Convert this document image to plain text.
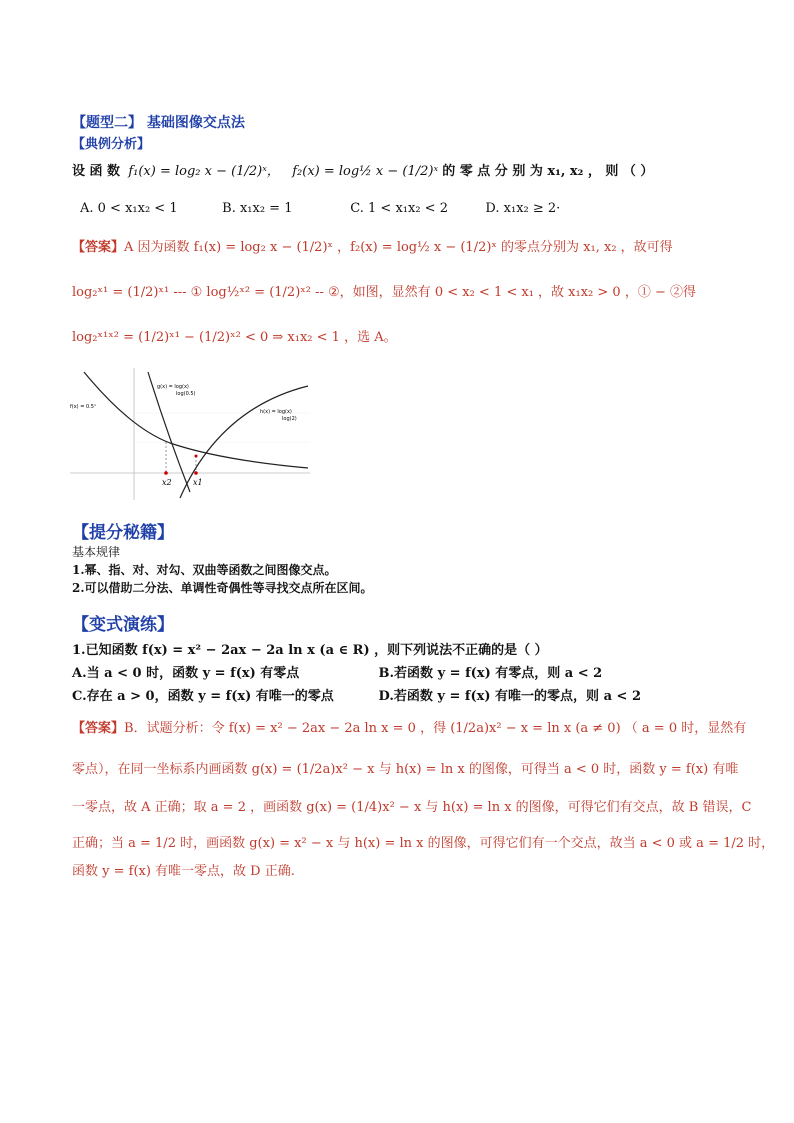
【题型二】 基础图像交点法
【典例分析】
设 函 数 f₁(x) = log₂ x − (1/2)ˣ， f₂(x) = log½ x − (1/2)ˣ 的 零 点 分 别 为 x₁, x₂ ， 则 （ ）
A. 0 < x₁x₂ < 1	B. x₁x₂ = 1	C. 1 < x₁x₂ < 2	D. x₁x₂ ≥ 2·
【答案】A 因为函数 f₁(x) = log₂ x − (1/2)ˣ ，f₂(x) = log½ x − (1/2)ˣ 的零点分别为 x₁, x₂ ，故可得
log₂ˣ¹ = (1/2)ˣ¹ --- ① log½ˣ² = (1/2)ˣ² -- ②，如图，显然有 0 < x₂ < 1 < x₁ ，故 x₁x₂ > 0 ，① − ②得
log₂ˣ¹ˣ² = (1/2)ˣ¹ − (1/2)ˣ² < 0 ⇒ x₁x₂ < 1 ，选 A。
f(x) = 0.5ˣ
g(x) = log(x)
log(0.5)
h(x) = log(x)
log(2)
x2	x1
【提分秘籍】
基本规律
1.幂、指、对、对勾、双曲等函数之间图像交点。
2.可以借助二分法、单调性奇偶性等寻找交点所在区间。
【变式演练】
1.已知函数 f(x) = x² − 2ax − 2a ln x (a ∈ R) ，则下列说法不正确的是（ ）
A.当 a < 0 时，函数 y = f(x) 有零点	B.若函数 y = f(x) 有零点，则 a < 2
C.存在 a > 0，函数 y = f(x) 有唯一的零点	D.若函数 y = f(x) 有唯一的零点，则 a < 2
【答案】B．试题分析：令 f(x) = x² − 2ax − 2a ln x = 0 ，得 (1/2a)x² − x = ln x (a ≠ 0) （ a = 0 时，显然有
零点），在同一坐标系内画函数 g(x) = (1/2a)x² − x 与 h(x) = ln x 的图像，可得当 a < 0 时，函数 y = f(x) 有唯
一零点，故 A 正确；取 a = 2 ，画函数 g(x) = (1/4)x² − x 与 h(x) = ln x 的图像，可得它们有交点，故 B 错误，C
正确；当 a = 1/2 时，画函数 g(x) = x² − x 与 h(x) = ln x 的图像，可得它们有一个交点，故当 a < 0 或 a = 1/2 时，
函数 y = f(x) 有唯一零点，故 D 正确.
